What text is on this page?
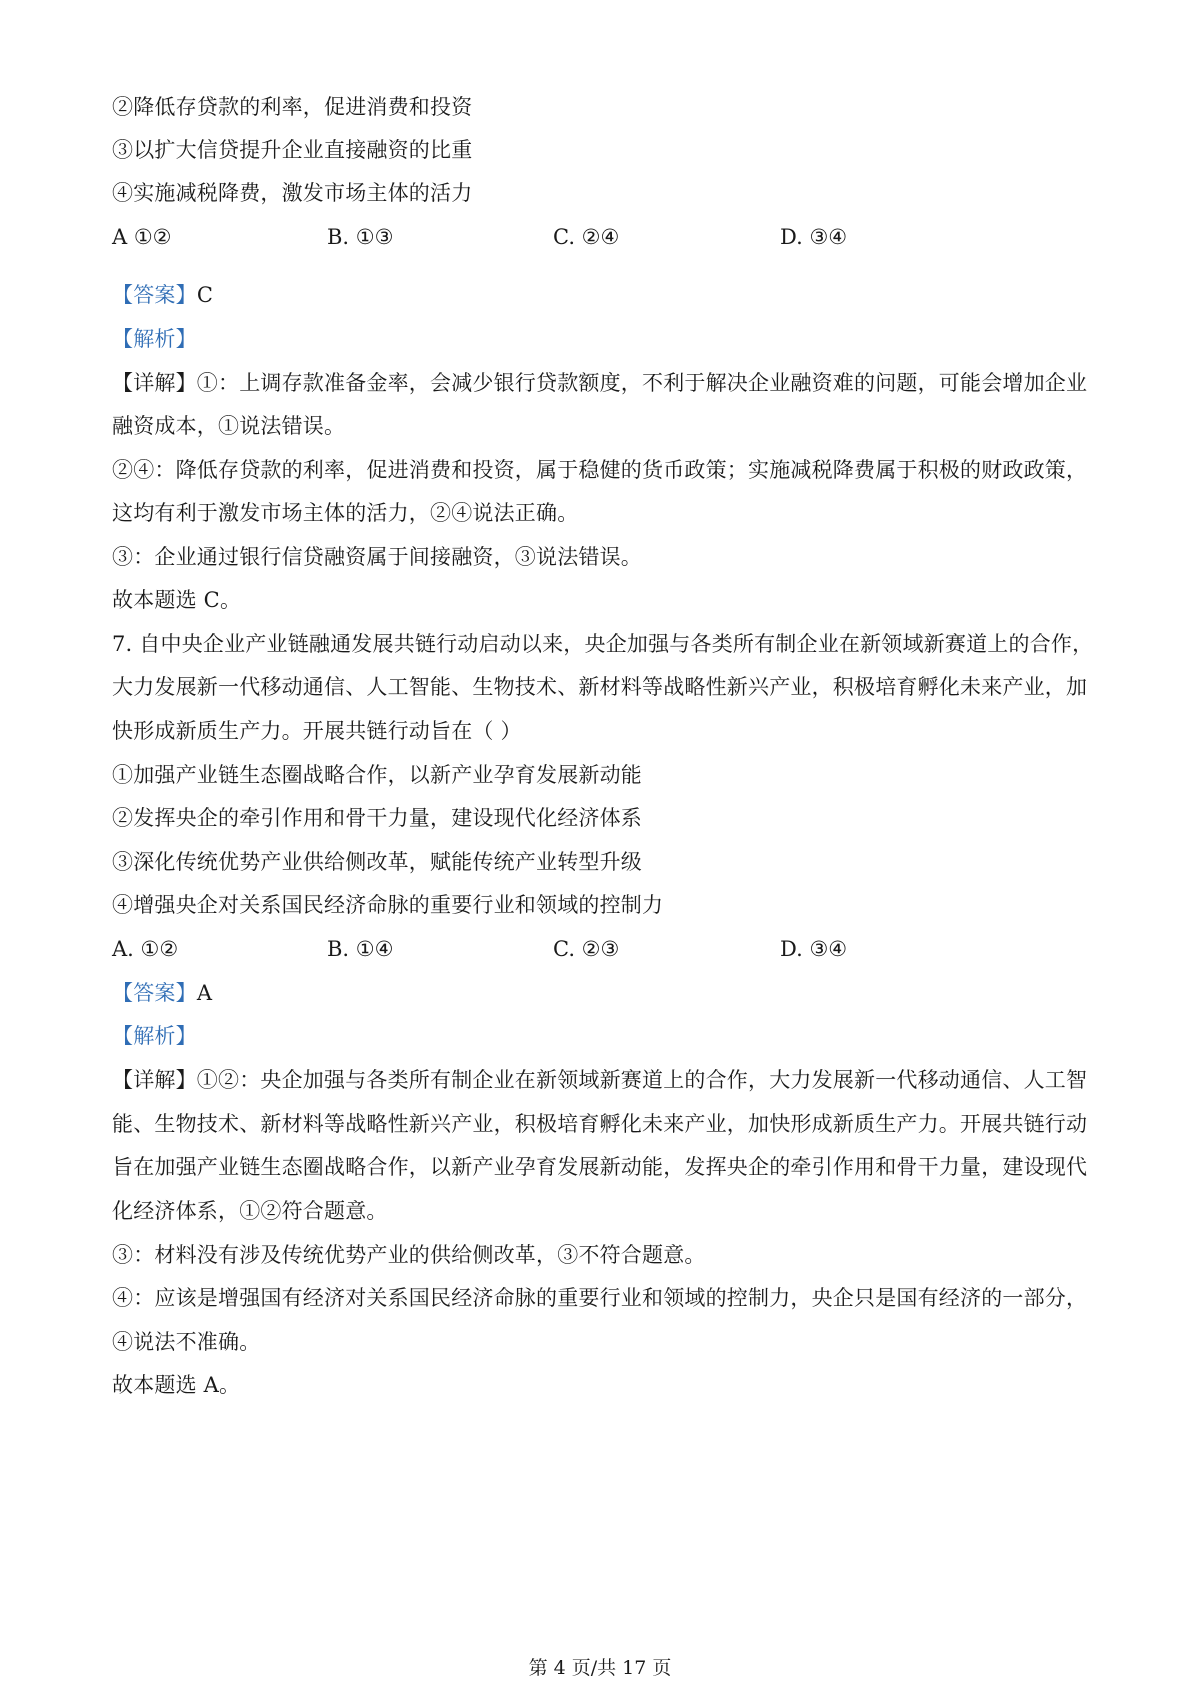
②降低存贷款的利率，促进消费和投资
③以扩大信贷提升企业直接融资的比重
④实施减税降费，激发市场主体的活力
A ①②	B. ①③	C. ②④	D. ③④
【答案】C
【解析】
【详解】①：上调存款准备金率，会减少银行贷款额度，不利于解决企业融资难的问题，可能会增加企业
融资成本，①说法错误。
②④：降低存贷款的利率，促进消费和投资，属于稳健的货币政策；实施减税降费属于积极的财政政策，
这均有利于激发市场主体的活力，②④说法正确。
③：企业通过银行信贷融资属于间接融资，③说法错误。
故本题选 C。
7. 自中央企业产业链融通发展共链行动启动以来，央企加强与各类所有制企业在新领域新赛道上的合作，
大力发展新一代移动通信、人工智能、生物技术、新材料等战略性新兴产业，积极培育孵化未来产业，加
快形成新质生产力。开展共链行动旨在（ ）
①加强产业链生态圈战略合作，以新产业孕育发展新动能
②发挥央企的牵引作用和骨干力量，建设现代化经济体系
③深化传统优势产业供给侧改革，赋能传统产业转型升级
④增强央企对关系国民经济命脉的重要行业和领域的控制力
A. ①②	B. ①④	C. ②③	D. ③④
【答案】A
【解析】
【详解】①②：央企加强与各类所有制企业在新领域新赛道上的合作，大力发展新一代移动通信、人工智
能、生物技术、新材料等战略性新兴产业，积极培育孵化未来产业，加快形成新质生产力。开展共链行动
旨在加强产业链生态圈战略合作，以新产业孕育发展新动能，发挥央企的牵引作用和骨干力量，建设现代
化经济体系，①②符合题意。
③：材料没有涉及传统优势产业的供给侧改革，③不符合题意。
④：应该是增强国有经济对关系国民经济命脉的重要行业和领域的控制力，央企只是国有经济的一部分，
④说法不准确。
故本题选 A。
第 4 页/共 17 页
